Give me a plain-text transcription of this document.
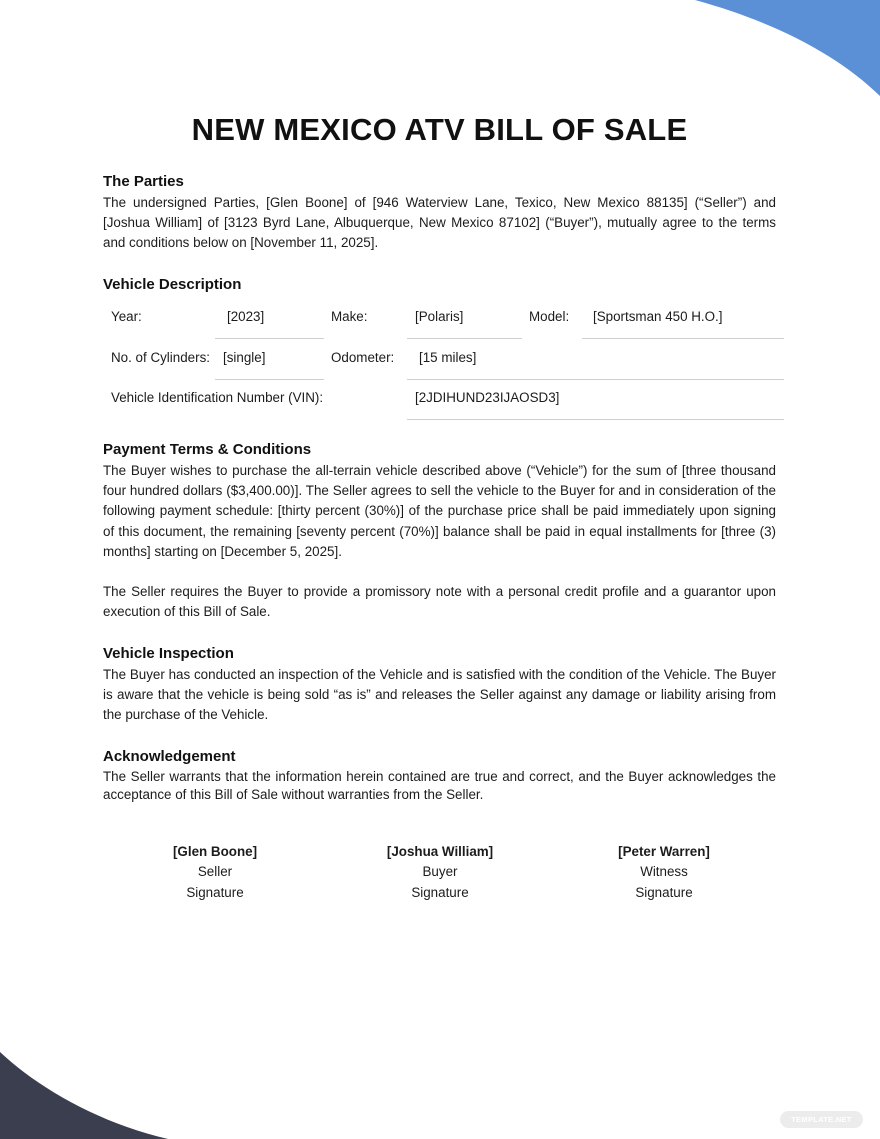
NEW MEXICO ATV BILL OF SALE
The Parties
The undersigned Parties, [Glen Boone] of [946 Waterview Lane, Texico, New Mexico 88135] (“Seller”) and [Joshua William] of [3123 Byrd Lane, Albuquerque, New Mexico 87102] (“Buyer”), mutually agree to the terms and conditions below on [November 11, 2025].
Vehicle Description
Year:	[2023]	Make:	[Polaris]	Model: [Sportsman 450 H.O.]
No. of Cylinders: [single]	Odometer: [15 miles]
Vehicle Identification Number (VIN):	[2JDIHUND23IJAOSD3]
Payment Terms & Conditions
The Buyer wishes to purchase the all-terrain vehicle described above (“Vehicle”) for the sum of [three thousand four hundred dollars ($3,400.00)]. The Seller agrees to sell the vehicle to the Buyer for and in consideration of the following payment schedule: [thirty percent (30%)] of the purchase price shall be paid immediately upon signing of this document, the remaining [seventy percent (70%)] balance shall be paid in equal installments for [three (3) months] starting on [December 5, 2025].
The Seller requires the Buyer to provide a promissory note with a personal credit profile and a guarantor upon execution of this Bill of Sale.
Vehicle Inspection
The Buyer has conducted an inspection of the Vehicle and is satisfied with the condition of the Vehicle. The Buyer is aware that the vehicle is being sold “as is” and releases the Seller against any damage or liability arising from the purchase of the Vehicle.
Acknowledgement
The Seller warrants that the information herein contained are true and correct, and the Buyer acknowledges the acceptance of this Bill of Sale without warranties from the Seller.
[Glen Boone]
Seller
Signature
[Joshua William]
Buyer
Signature
[Peter Warren]
Witness
Signature
TEMPLATE.NET
